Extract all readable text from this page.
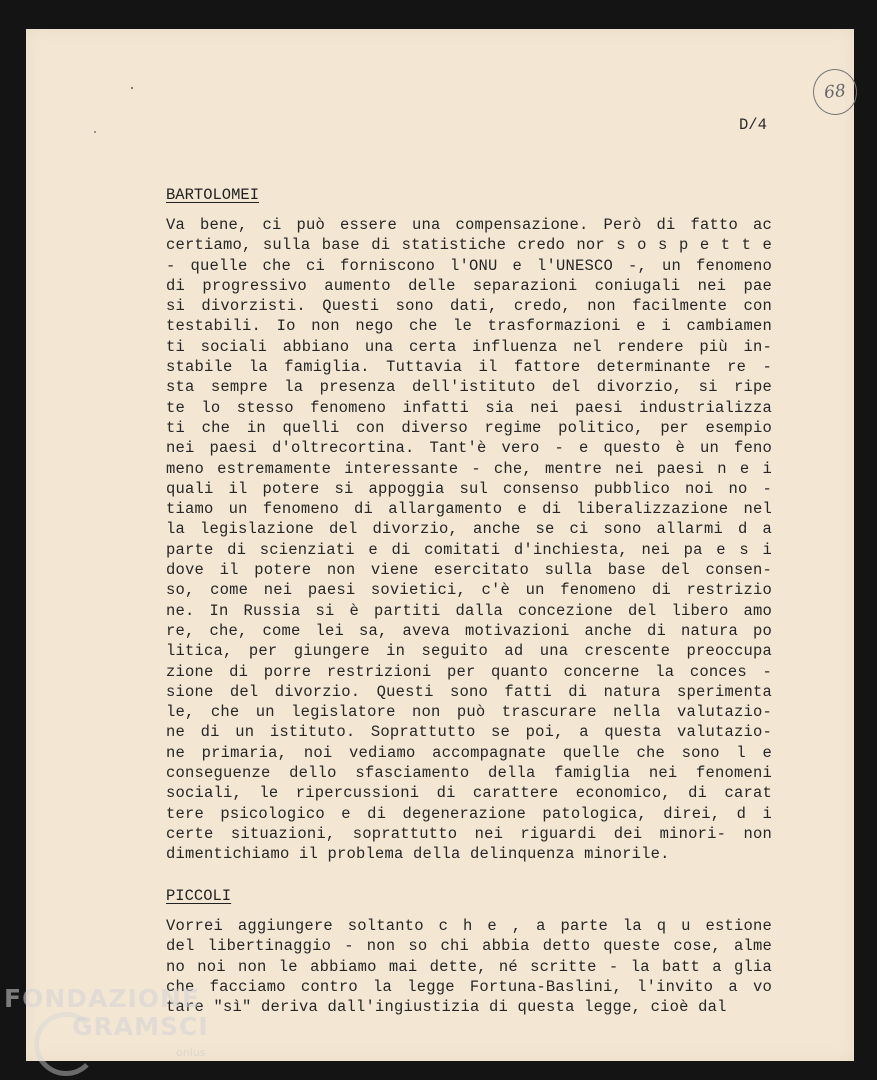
68
D/4
BARTOLOMEI
Va bene, ci può essere una compensazione. Però di fatto ac
certiamo, sulla base di statistiche credo nor s o s p e t t e
- quelle che ci forniscono l'ONU e l'UNESCO -, un fenomeno
di progressivo aumento delle separazioni coniugali nei pae
si divorzisti. Questi sono dati, credo, non facilmente con
testabili. Io non nego che le trasformazioni e i cambiamen
ti sociali abbiano una certa influenza nel rendere più in-
stabile la famiglia. Tuttavia il fattore determinante re -
sta sempre la presenza dell'istituto del divorzio, si ripe
te lo stesso fenomeno infatti sia nei paesi industrializza
ti che in quelli con diverso regime politico, per esempio
nei paesi d'oltrecortina. Tant'è vero - e questo è un feno
meno estremamente interessante - che, mentre nei paesi n e i
quali il potere si appoggia sul consenso pubblico noi no -
tiamo un fenomeno di allargamento e di liberalizzazione nel
la legislazione del divorzio, anche se ci sono allarmi d a
parte di scienziati e di comitati d'inchiesta, nei pa e s i
dove il potere non viene esercitato sulla base del consen-
so, come nei paesi sovietici, c'è un fenomeno di restrizio
ne. In Russia si è partiti dalla concezione del libero amo
re, che, come lei sa, aveva motivazioni anche di natura po
litica, per giungere in seguito ad una crescente preoccupa
zione di porre restrizioni per quanto concerne la conces -
sione del divorzio. Questi sono fatti di natura sperimenta
le, che un legislatore non può trascurare nella valutazio-
ne di un istituto. Soprattutto se poi, a questa valutazio-
ne primaria, noi vediamo accompagnate quelle che sono l e
conseguenze dello sfasciamento della famiglia nei fenomeni
sociali, le ripercussioni di carattere economico, di carat
tere psicologico e di degenerazione patologica, direi, d i
certe situazioni, soprattutto nei riguardi dei minori- non
dimentichiamo il problema della delinquenza minorile.
PICCOLI
Vorrei aggiungere soltanto c h e , a parte la q u estione
del libertinaggio - non so chi abbia detto queste cose, alme
no noi non le abbiamo mai dette, né scritte - la batt a glia
che facciamo contro la legge Fortuna-Baslini, l'invito a vo
tare "sì" deriva dall'ingiustizia di questa legge, cioè dal
FONDAZIONE
GRAMSCI
onlus
